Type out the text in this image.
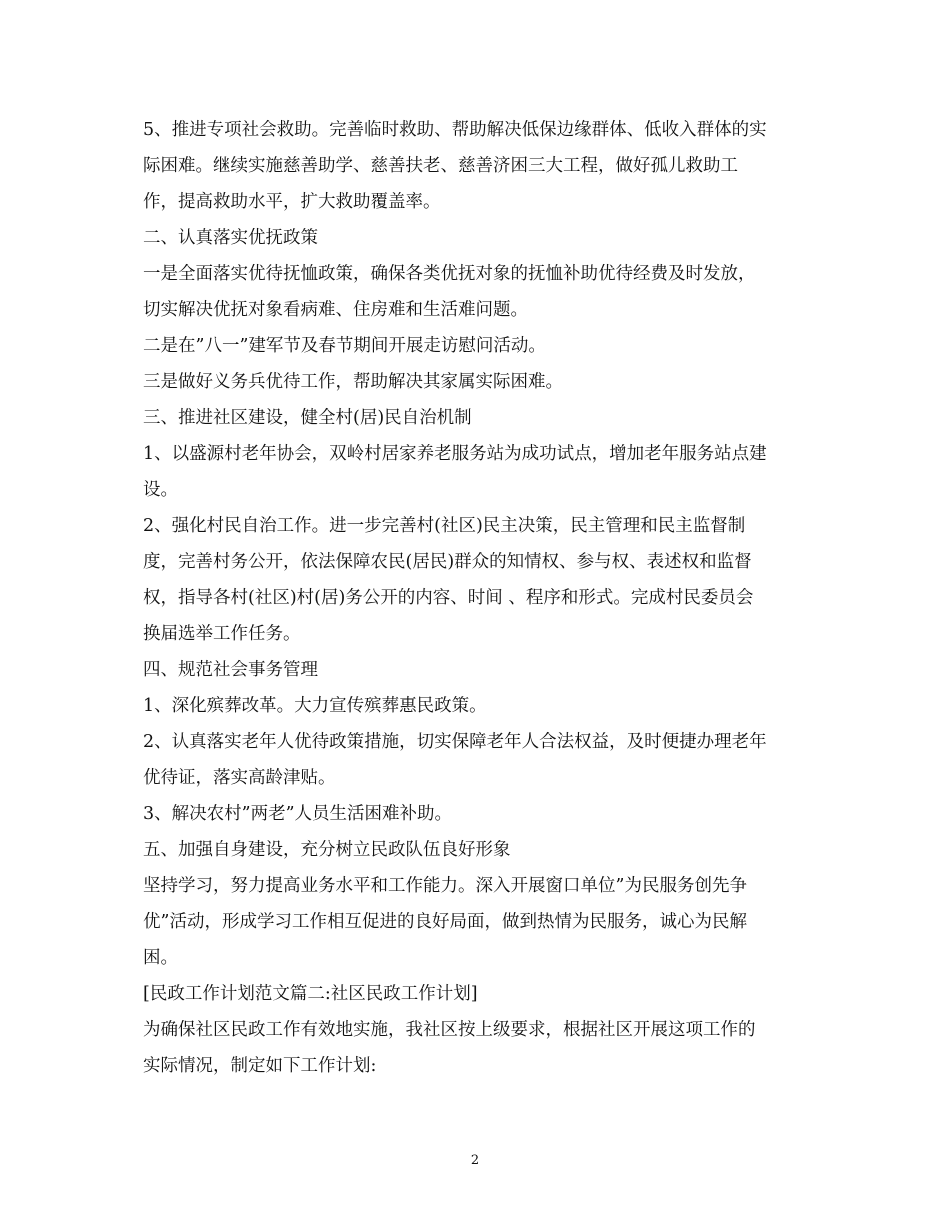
5、推进专项社会救助。完善临时救助、帮助解决低保边缘群体、低收入群体的实
际困难。继续实施慈善助学、慈善扶老、慈善济困三大工程，做好孤儿救助工
作，提高救助水平，扩大救助覆盖率。

二、认真落实优抚政策

一是全面落实优待抚恤政策，确保各类优抚对象的抚恤补助优待经费及时发放，
切实解决优抚对象看病难、住房难和生活难问题。

二是在”八一”建军节及春节期间开展走访慰问活动。

三是做好义务兵优待工作，帮助解决其家属实际困难。

三、推进社区建设，健全村(居)民自治机制

1、以盛源村老年协会，双岭村居家养老服务站为成功试点，增加老年服务站点建
设。

2、强化村民自治工作。进一步完善村(社区)民主决策，民主管理和民主监督制
度，完善村务公开，依法保障农民(居民)群众的知情权、参与权、表述权和监督
权，指导各村(社区)村(居)务公开的内容、时间 、程序和形式。完成村民委员会
换届选举工作任务。

四、规范社会事务管理

1、深化殡葬改革。大力宣传殡葬惠民政策。

2、认真落实老年人优待政策措施，切实保障老年人合法权益，及时便捷办理老年
优待证，落实高龄津贴。

3、解决农村”两老”人员生活困难补助。

五、加强自身建设，充分树立民政队伍良好形象

坚持学习，努力提高业务水平和工作能力。深入开展窗口单位”为民服务创先争
优”活动，形成学习工作相互促进的良好局面，做到热情为民服务，诚心为民解
困。

[民政工作计划范文篇二:社区民政工作计划]

为确保社区民政工作有效地实施，我社区按上级要求，根据社区开展这项工作的
实际情况，制定如下工作计划:

2
